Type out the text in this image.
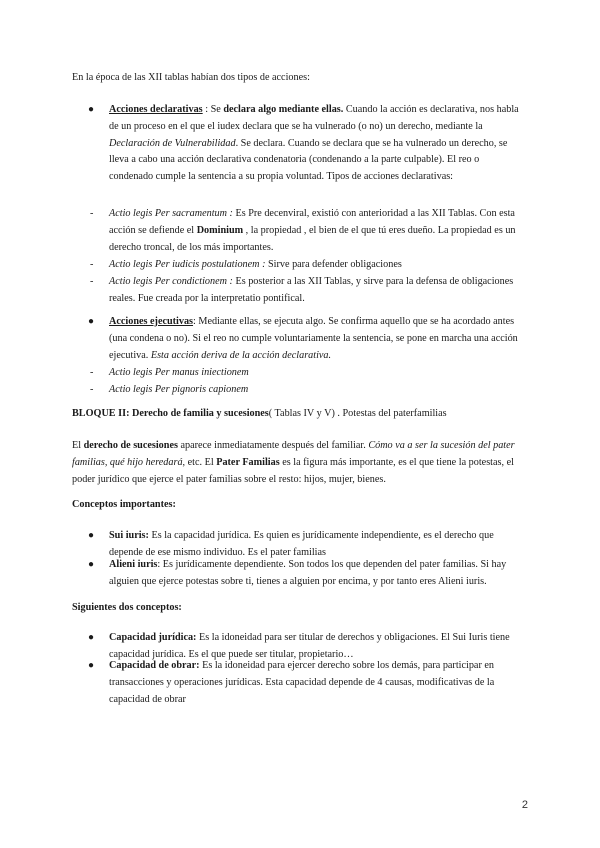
En la época de las XII tablas habían dos tipos de acciones:

● Acciones declarativas : Se declara algo mediante ellas. Cuando la acción es declarativa, nos habla de un proceso en el que el iudex declara que se ha vulnerado (o no) un derecho, mediante la Declaración de Vulnerabilidad. Se declara. Cuando se declara que se ha vulnerado un derecho, se lleva a cabo una acción declarativa condenatoria (condenando a la parte culpable). El reo o condenado cumple la sentencia a su propia voluntad. Tipos de acciones declarativas:

- Actio legis Per sacramentum : Es Pre decenviral, existió con anterioridad a las XII Tablas. Con esta acción se defiende el Dominium , la propiedad , el bien de el que tú eres dueño. La propiedad es un derecho troncal, de los más importantes.

- Actio legis Per iudicis postulationem : Sirve para defender obligaciones

- Actio legis Per condictionem : Es posterior a las XII Tablas, y sirve para la defensa de obligaciones reales. Fue creada por la interpretatio pontifical.

● Acciones ejecutivas: Mediante ellas, se ejecuta algo. Se confirma aquello que se ha acordado antes (una condena o no). Si el reo no cumple voluntariamente la sentencia, se pone en marcha una acción ejecutiva. Esta acción deriva de la acción declarativa.

- Actio legis Per manus iniectionem

- Actio legis Per pignoris capionem

BLOQUE II: Derecho de familia y sucesiones( Tablas IV y V) . Potestas del paterfamilias

El derecho de sucesiones aparece inmediatamente después del familiar. Cómo va a ser la sucesión del pater familias, qué hijo heredará, etc. El Pater Familias es la figura más importante, es el que tiene la potestas, el poder jurídico que ejerce el pater familias sobre el resto: hijos, mujer, bienes.

Conceptos importantes:

● Sui iuris: Es la capacidad jurídica. Es quien es jurídicamente independiente, es el derecho que depende de ese mismo individuo. Es el pater familias

● Alieni iuris: Es jurídicamente dependiente. Son todos los que dependen del pater familias. Si hay alguien que ejerce potestas sobre ti, tienes a alguien por encima, y por tanto eres Alieni iuris.

Siguientes dos conceptos:

● Capacidad jurídica: Es la idoneidad para ser titular de derechos y obligaciones. El Sui Iuris tiene capacidad jurídica. Es el que puede ser titular, propietario…

● Capacidad de obrar: Es la idoneidad para ejercer derecho sobre los demás, para participar en transacciones y operaciones jurídicas. Esta capacidad depende de 4 causas, modificativas de la capacidad de obrar

2
